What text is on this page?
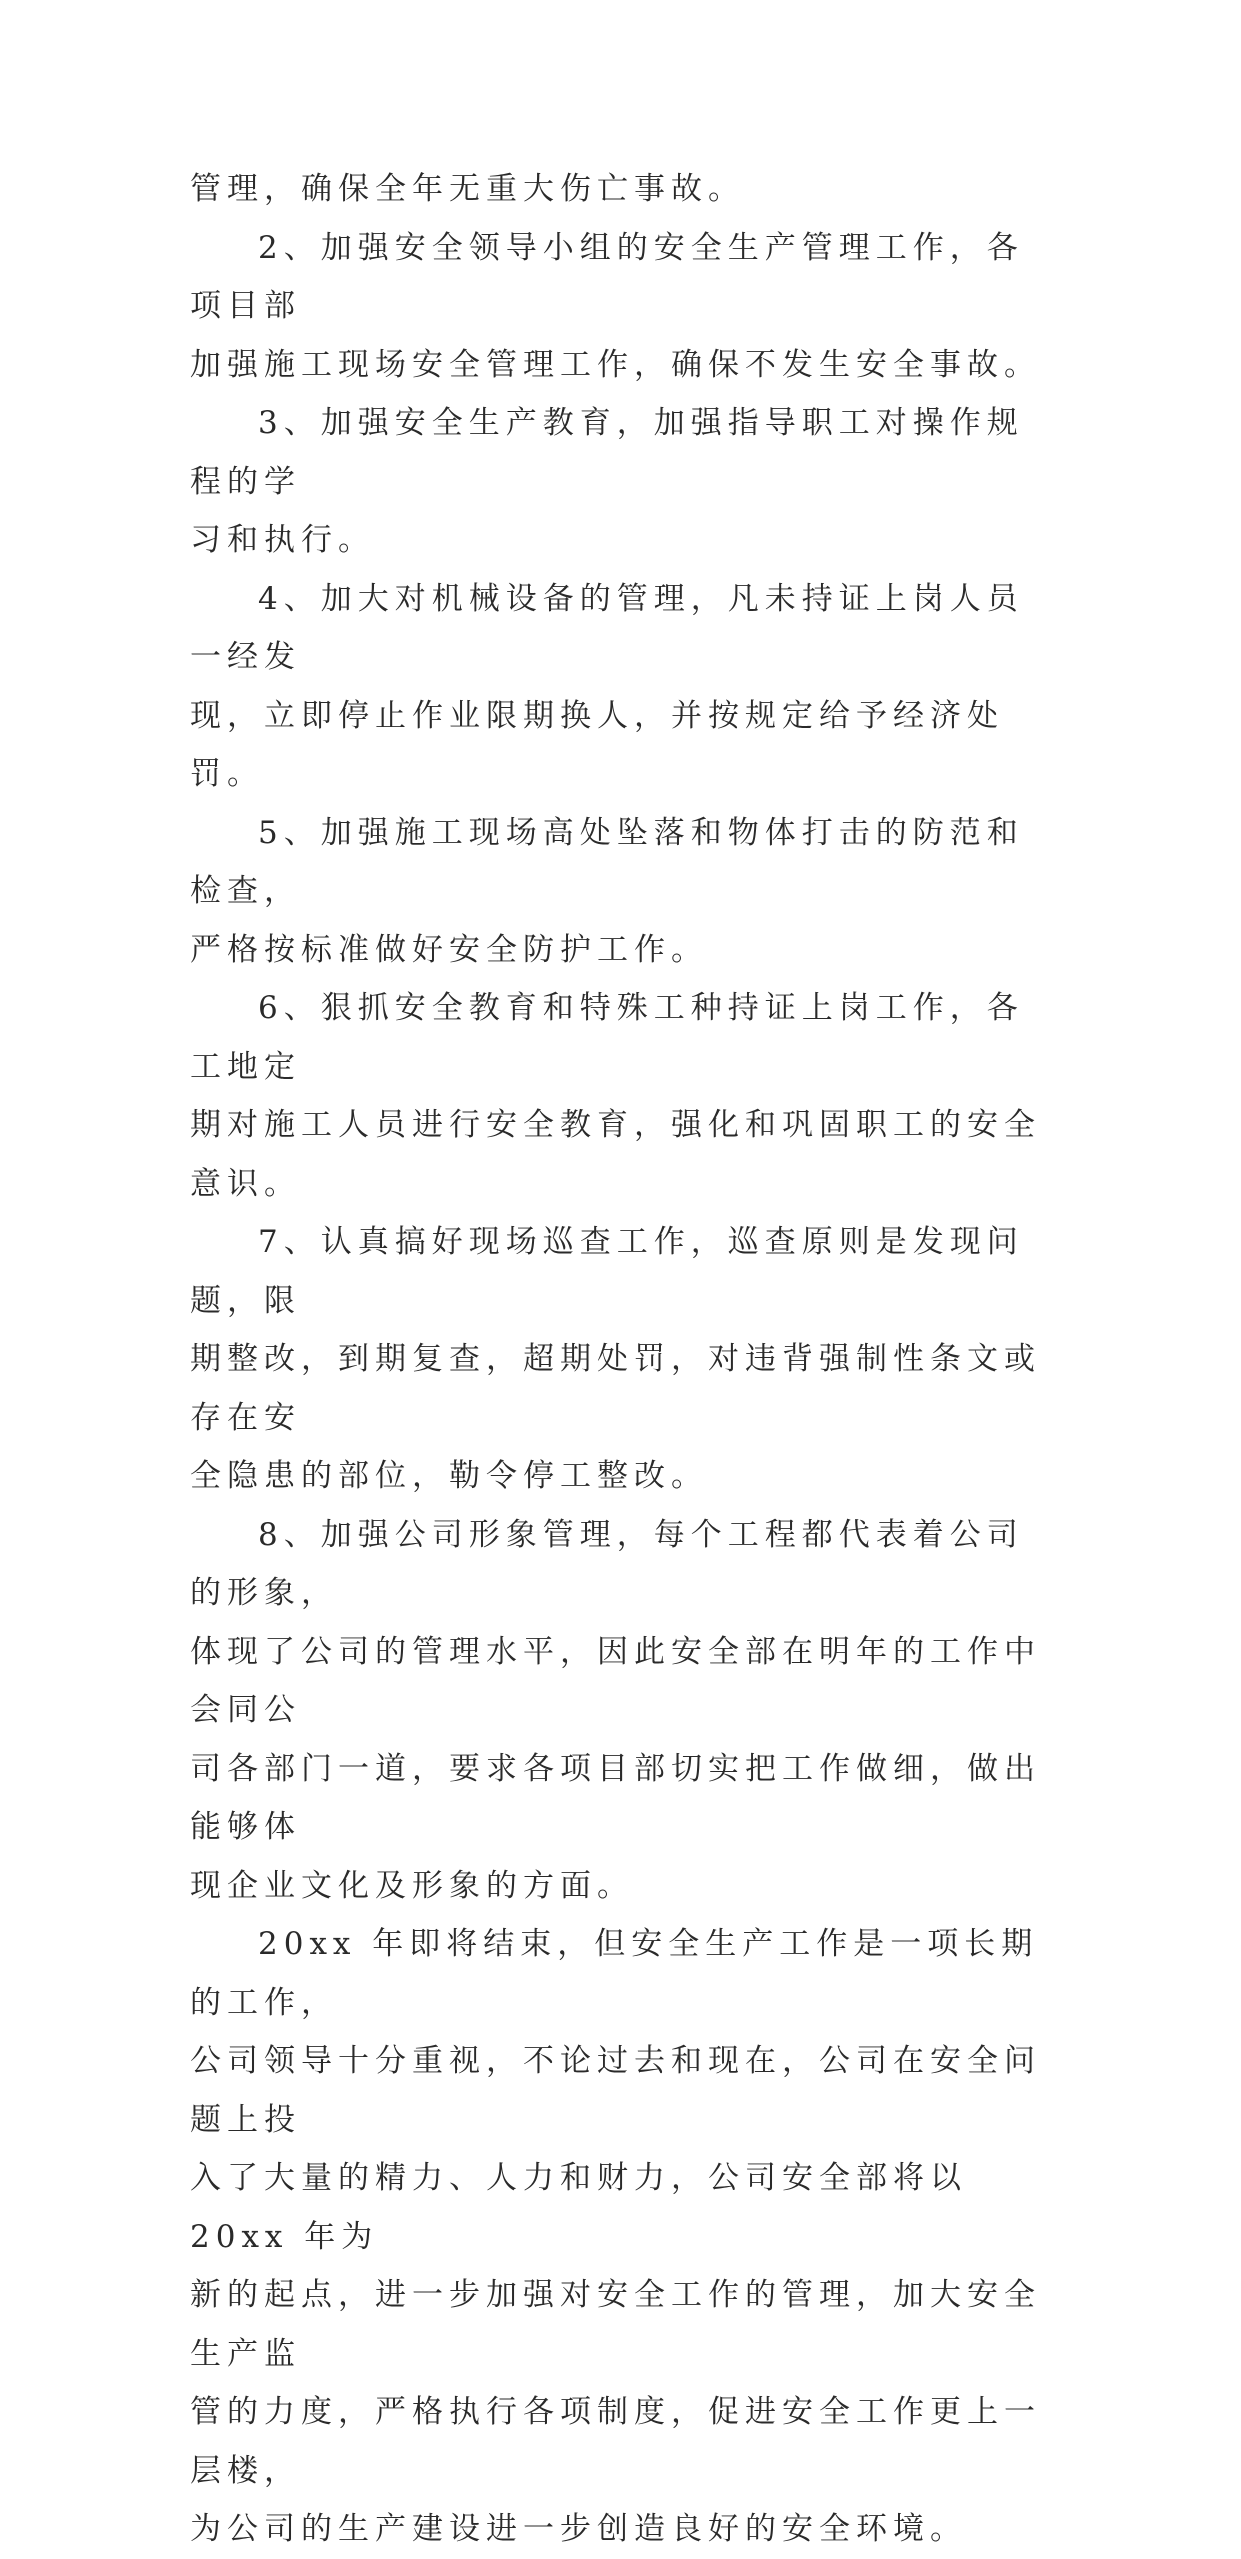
管理，确保全年无重大伤亡事故。

2、加强安全领导小组的安全生产管理工作，各项目部
加强施工现场安全管理工作，确保不发生安全事故。

3、加强安全生产教育，加强指导职工对操作规程的学
习和执行。

4、加大对机械设备的管理，凡未持证上岗人员一经发
现，立即停止作业限期换人，并按规定给予经济处罚。

5、加强施工现场高处坠落和物体打击的防范和检查，
严格按标准做好安全防护工作。

6、狠抓安全教育和特殊工种持证上岗工作，各工地定
期对施工人员进行安全教育，强化和巩固职工的安全意识。

7、认真搞好现场巡查工作，巡查原则是发现问题，限
期整改，到期复查，超期处罚，对违背强制性条文或存在安
全隐患的部位，勒令停工整改。

8、加强公司形象管理，每个工程都代表着公司的形象，
体现了公司的管理水平，因此安全部在明年的工作中会同公
司各部门一道，要求各项目部切实把工作做细，做出能够体
现企业文化及形象的方面。

20xx 年即将结束，但安全生产工作是一项长期的工作，
公司领导十分重视，不论过去和现在，公司在安全问题上投
入了大量的精力、人力和财力，公司安全部将以 20xx 年为
新的起点，进一步加强对安全工作的管理，加大安全生产监
管的力度，严格执行各项制度，促进安全工作更上一层楼，
为公司的生产建设进一步创造良好的安全环境。
